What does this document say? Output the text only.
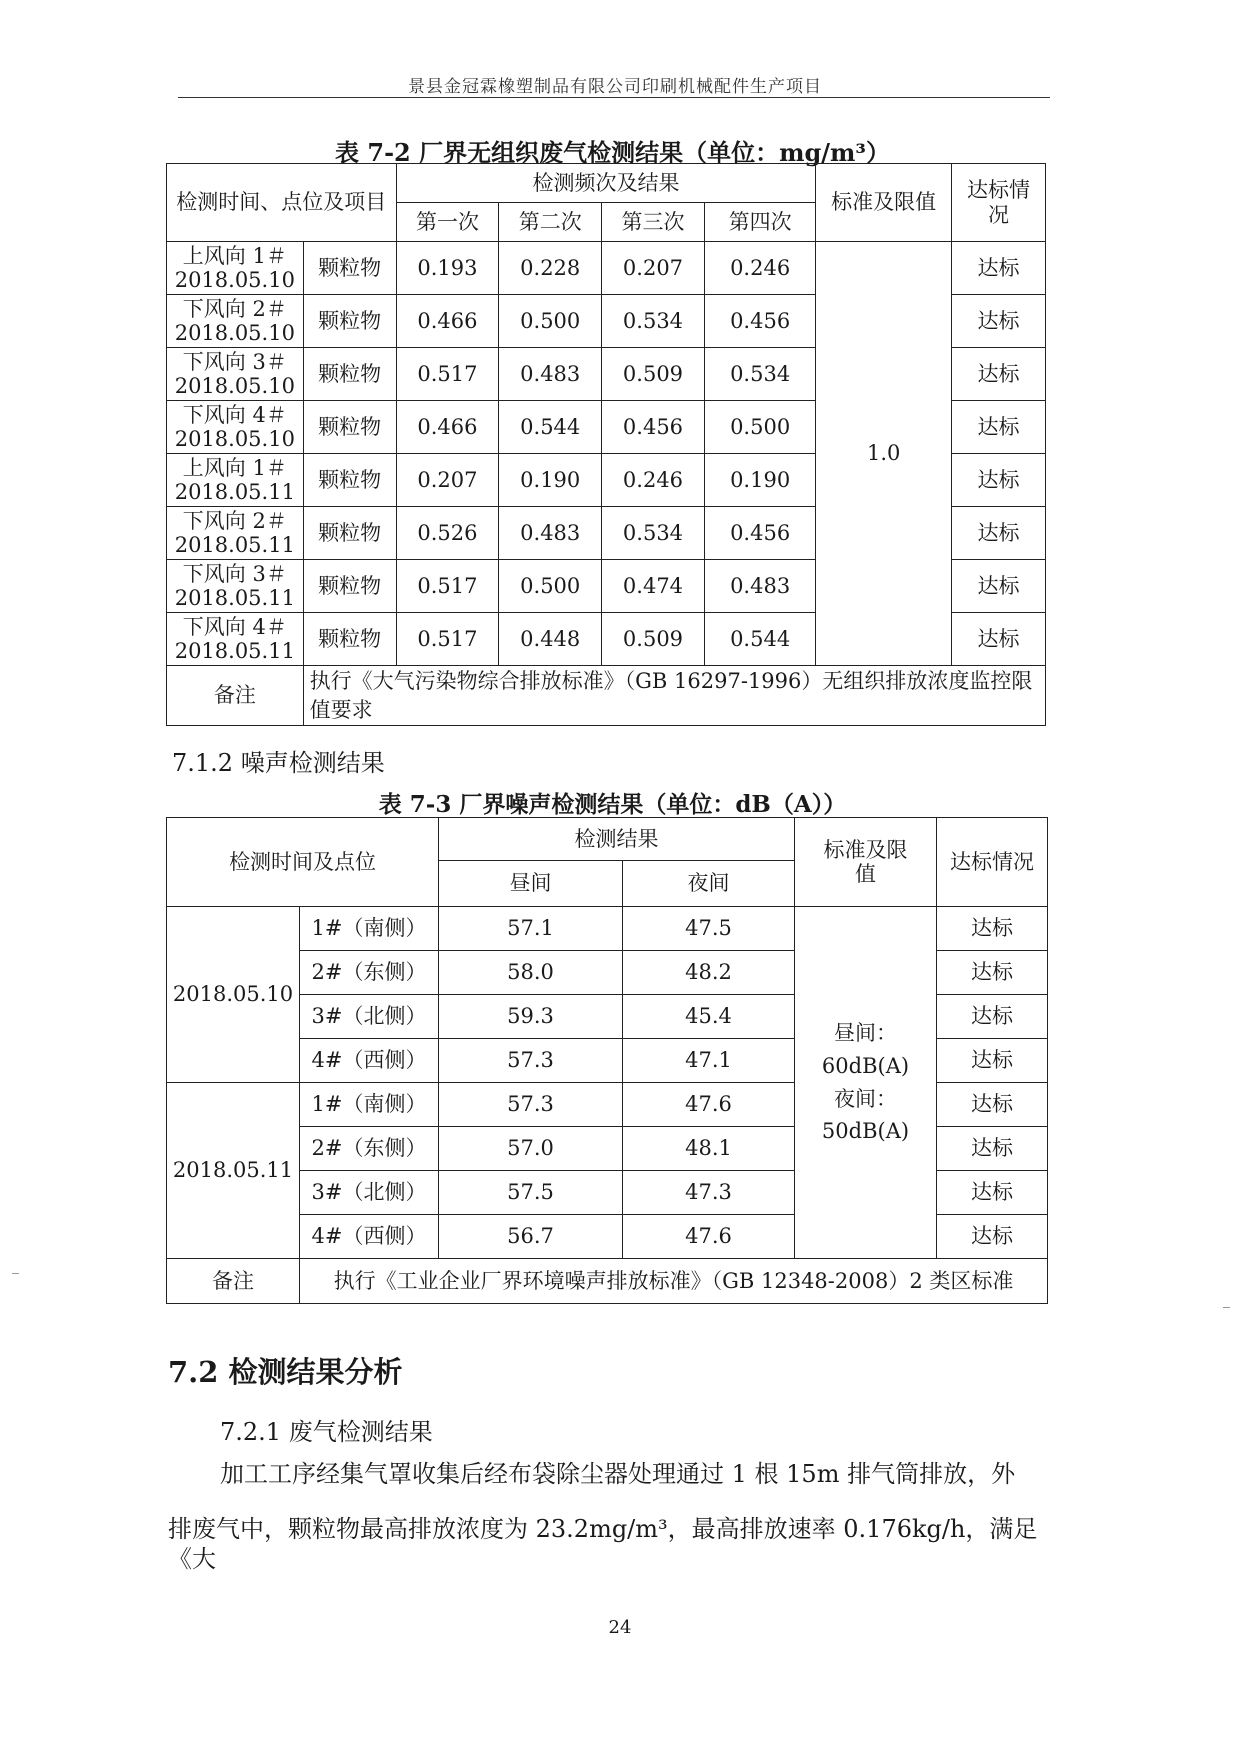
景县金冠霖橡塑制品有限公司印刷机械配件生产项目
表 7-2 厂界无组织废气检测结果（单位：mg/m³）
检测时间、点位及项目		检测频次及结果				标准及限值	达标情况
		第一次	第二次	第三次	第四次		

上风向 1＃
2018.05.10	颗粒物	0.193	0.228	0.207	0.246	1.0	达标

下风向 2＃
2018.05.10	颗粒物	0.466	0.500	0.534	0.456		达标

下风向 3＃
2018.05.10	颗粒物	0.517	0.483	0.509	0.534		达标

下风向 4＃
2018.05.10	颗粒物	0.466	0.544	0.456	0.500		达标

上风向 1＃
2018.05.11	颗粒物	0.207	0.190	0.246	0.190		达标

下风向 2＃
2018.05.11	颗粒物	0.526	0.483	0.534	0.456		达标

下风向 3＃
2018.05.11	颗粒物	0.517	0.500	0.474	0.483		达标

下风向 4＃
2018.05.11	颗粒物	0.517	0.448	0.509	0.544		达标
备注	执行《大气污染物综合排放标准》（GB 16297-1996）无组织排放浓度监控限值要求						
7.1.2 噪声检测结果
表 7-3 厂界噪声检测结果（单位：dB（A））
检测时间及点位		检测结果		标准及限值	达标情况
		昼间	夜间		
2018.05.10	1#（南侧）	57.1	47.5	昼间：
60dB(A)
夜间：
50dB(A)	达标
	2#（东侧）	58.0	48.2		达标
	3#（北侧）	59.3	45.4		达标
	4#（西侧）	57.3	47.1		达标
2018.05.11	1#（南侧）	57.3	47.6		达标
	2#（东侧）	57.0	48.1		达标
	3#（北侧）	57.5	47.3		达标
	4#（西侧）	56.7	47.6		达标
备注	执行《工业企业厂界环境噪声排放标准》（GB 12348-2008）2 类区标准				
7.2 检测结果分析
7.2.1 废气检测结果
加工工序经集气罩收集后经布袋除尘器处理通过 1 根 15m 排气筒排放，外
排废气中，颗粒物最高排放浓度为 23.2mg/m³，最高排放速率 0.176kg/h，满足《大
24
